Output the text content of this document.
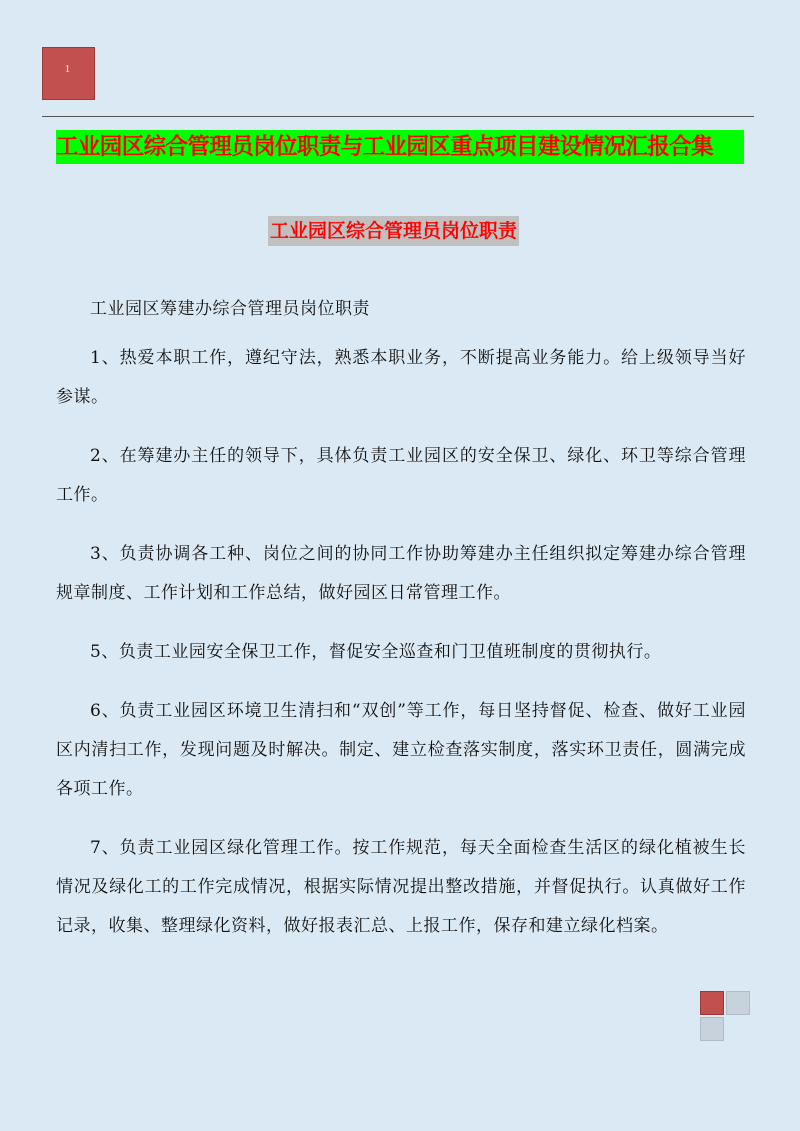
1
工业园区综合管理员岗位职责与工业园区重点项目建设情况汇报合集
工业园区综合管理员岗位职责

工业园区筹建办综合管理员岗位职责

1、热爱本职工作，遵纪守法，熟悉本职业务，不断提高业务能力。给上级领导当好参谋。

2、在筹建办主任的领导下，具体负责工业园区的安全保卫、绿化、环卫等综合管理工作。

3、负责协调各工种、岗位之间的协同工作协助筹建办主任组织拟定筹建办综合管理规章制度、工作计划和工作总结，做好园区日常管理工作。

5、负责工业园安全保卫工作，督促安全巡查和门卫值班制度的贯彻执行。

6、负责工业园区环境卫生清扫和“双创”等工作，每日坚持督促、检查、做好工业园区内清扫工作，发现问题及时解决。制定、建立检查落实制度，落实环卫责任，圆满完成各项工作。

7、负责工业园区绿化管理工作。按工作规范，每天全面检查生活区的绿化植被生长情况及绿化工的工作完成情况，根据实际情况提出整改措施，并督促执行。认真做好工作记录，收集、整理绿化资料，做好报表汇总、上报工作，保存和建立绿化档案。
